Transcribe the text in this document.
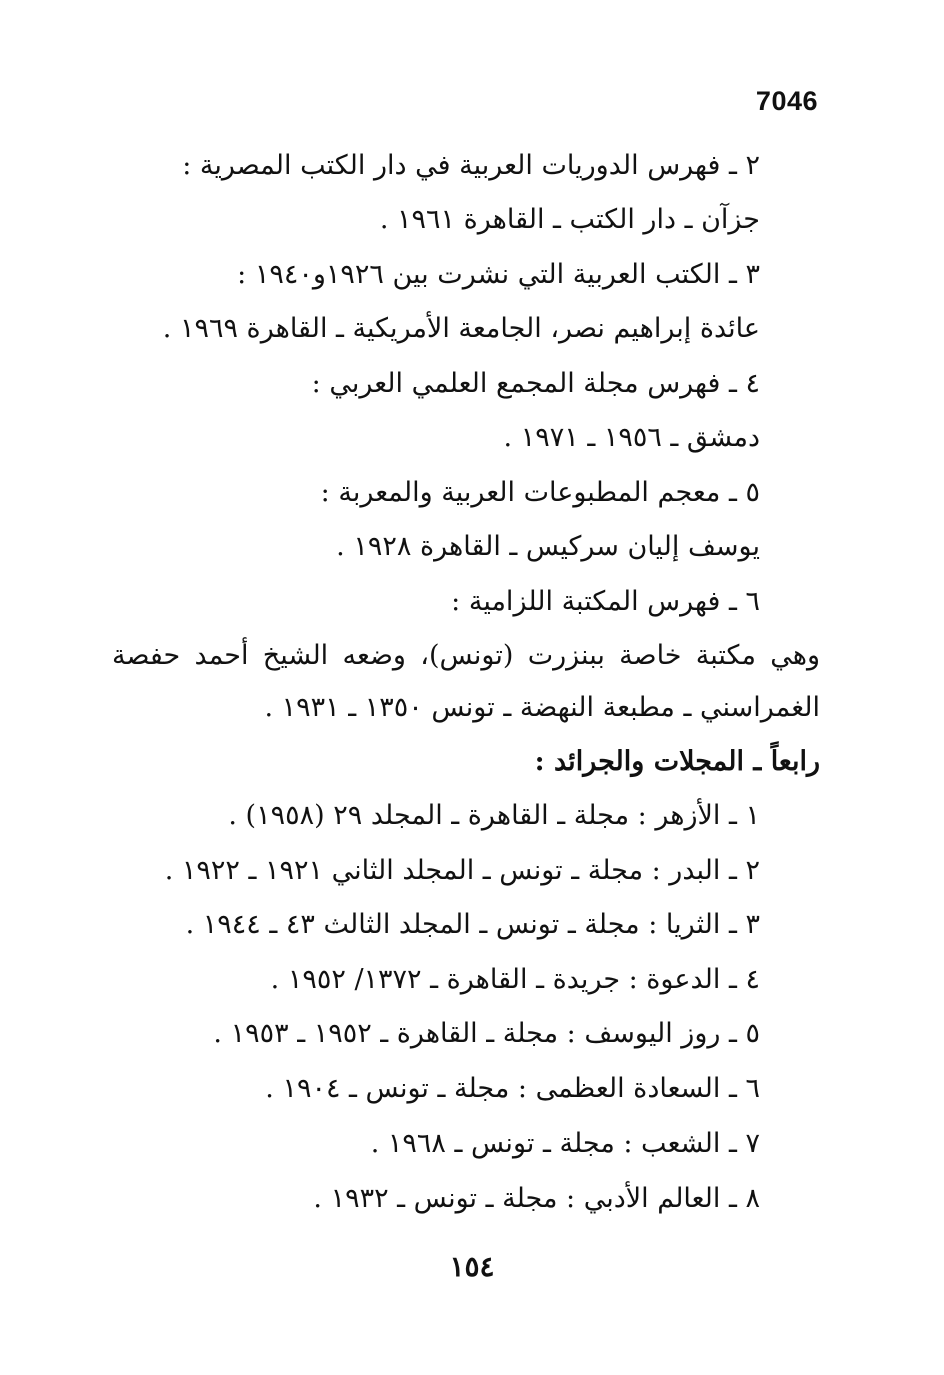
7046
٢ ـ فهرس الدوريات العربية في دار الكتب المصرية :
جزآن ـ دار الكتب ـ القاهرة ١٩٦١ .
٣ ـ الكتب العربية التي نشرت بين ١٩٢٦و١٩٤٠ :
عائدة إبراهيم نصر، الجامعة الأمريكية ـ القاهرة ١٩٦٩ .
٤ ـ فهرس مجلة المجمع العلمي العربي :
دمشق ـ ١٩٥٦ ـ ١٩٧١ .
٥ ـ معجم المطبوعات العربية والمعربة :
يوسف إليان سركيس ـ القاهرة ١٩٢٨ .
٦ ـ فهرس المكتبة اللزامية :
وهي مكتبة خاصة ببنزرت (تونس)، وضعه الشيخ أحمد حفصة
الغمراسني ـ مطبعة النهضة ـ تونس ١٣٥٠ ـ ١٩٣١ .
رابعاً ـ المجلات والجرائد :
١ ـ الأزهر : مجلة ـ القاهرة ـ المجلد ٢٩ (١٩٥٨) .
٢ ـ البدر : مجلة ـ تونس ـ المجلد الثاني ١٩٢١ ـ ١٩٢٢ .
٣ ـ الثريا : مجلة ـ تونس ـ المجلد الثالث ٤٣ ـ ١٩٤٤ .
٤ ـ الدعوة : جريدة ـ القاهرة ـ ١٣٧٢/ ١٩٥٢ .
٥ ـ روز اليوسف : مجلة ـ القاهرة ـ ١٩٥٢ ـ ١٩٥٣ .
٦ ـ السعادة العظمى : مجلة ـ تونس ـ ١٩٠٤ .
٧ ـ الشعب : مجلة ـ تونس ـ ١٩٦٨ .
٨ ـ العالم الأدبي : مجلة ـ تونس ـ ١٩٣٢ .
١٥٤
